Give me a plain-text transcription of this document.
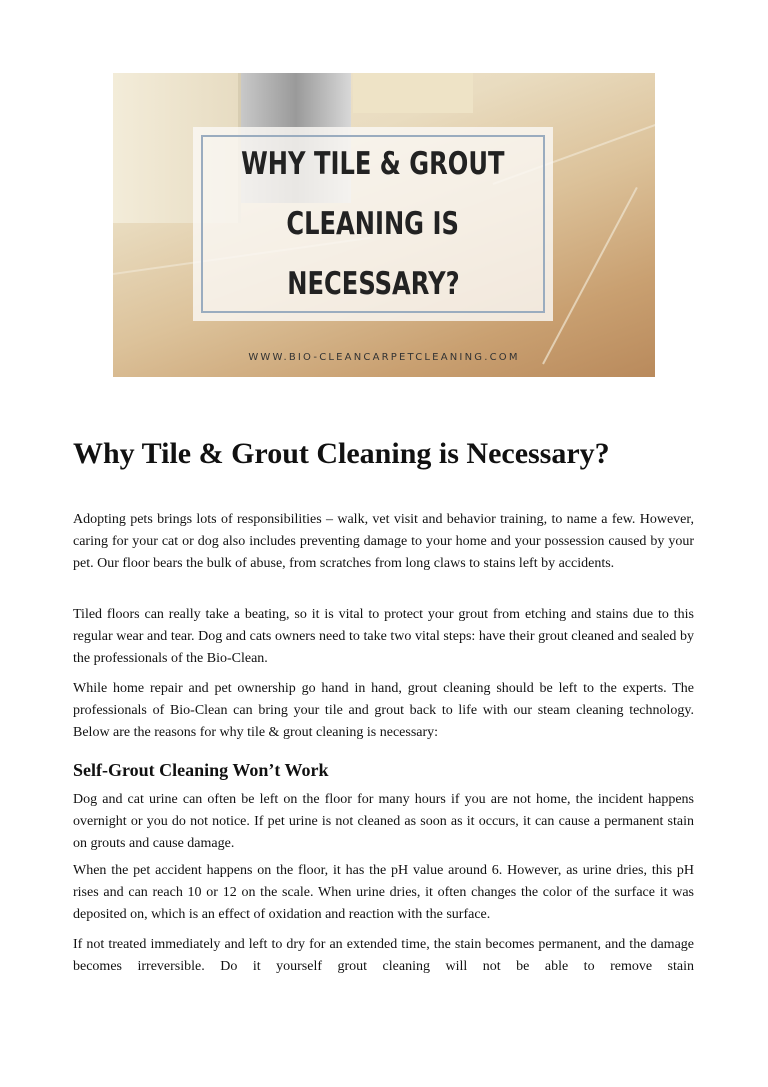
WHY TILE & GROUT
CLEANING IS
NECESSARY?
WWW.BIO-CLEANCARPETCLEANING.COM
Why Tile & Grout Cleaning is Necessary?

Adopting pets brings lots of responsibilities – walk, vet visit and behavior training, to name a few. However, caring for your cat or dog also includes preventing damage to your home and your possession caused by your pet. Our floor bears the bulk of abuse, from scratches from long claws to stains left by accidents.

Tiled floors can really take a beating, so it is vital to protect your grout from etching and stains due to this regular wear and tear. Dog and cats owners need to take two vital steps: have their grout cleaned and sealed by the professionals of the Bio-Clean.

While home repair and pet ownership go hand in hand, grout cleaning should be left to the experts. The professionals of Bio-Clean can bring your tile and grout back to life with our steam cleaning technology. Below are the reasons for why tile & grout cleaning is necessary:

Self-Grout Cleaning Won’t Work

Dog and cat urine can often be left on the floor for many hours if you are not home, the incident happens overnight or you do not notice. If pet urine is not cleaned as soon as it occurs, it can cause a permanent stain on grouts and cause damage.

When the pet accident happens on the floor, it has the pH value around 6. However, as urine dries, this pH rises and can reach 10 or 12 on the scale. When urine dries, it often changes the color of the surface it was deposited on, which is an effect of oxidation and reaction with the surface.

If not treated immediately and left to dry for an extended time, the stain becomes permanent, and the damage becomes irreversible. Do it yourself grout cleaning will not be able to remove stain
